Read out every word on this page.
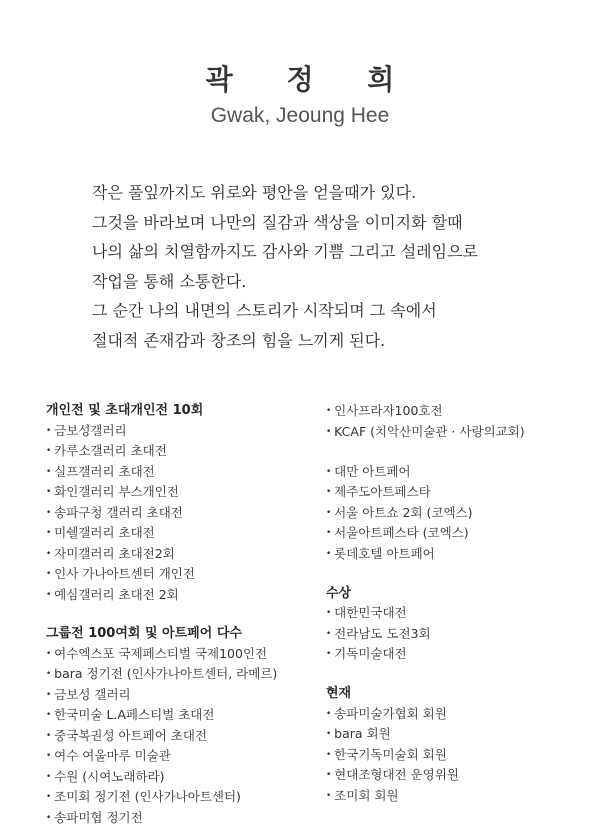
곽 정 희
Gwak, Jeoung Hee
작은 풀잎까지도 위로와 평안을 얻을때가 있다.
그것을 바라보며 나만의 질감과 색상을 이미지화 할때
나의 삶의 치열함까지도 감사와 기쁨 그리고 설레임으로
작업을 통해 소통한다.
그 순간 나의 내면의 스토리가 시작되며 그 속에서
절대적 존재감과 창조의 힘을 느끼게 된다.
개인전 및 초대개인전 10회
• 금보성갤러리
• 카루소갤러리 초대전
• 실프갤러리 초대전
• 화인갤러리 부스개인전
• 송파구청 갤러리 초대전
• 미쉘갤러리 초대전
• 자미갤러리 초대전2회
• 인사 가나아트센터 개인전
• 예심갤러리 초대전 2회
그룹전 100여회 및 아트페어 다수
• 여수엑스포 국제페스티벌 국제100인전
• bara 정기전 (인사가나아트센터, 라메르)
• 금보성 갤러리
• 한국미술 L.A페스티벌 초대전
• 중국복권성 아트페어 초대전
• 여수 여울마루 미술관
• 수원 (시여노래하라)
• 조미회 정기전 (인사가나아트센터)
• 송파미협 정기전
• 인사프라자100호전
• KCAF (치악산미술관 · 사랑의교회)
• 대만 아트페어
• 제주도아트페스타
• 서울 아트쇼 2회 (코엑스)
• 서울아트페스타 (코엑스)
• 롯데호텔 아트페어
수상
• 대한민국대전
• 전라남도 도전3회
• 기독미술대전
현재
• 송파미술가협회 회원
• bara 회원
• 한국기독미술회 회원
• 현대조형대전 운영위원
• 조미회 회원
